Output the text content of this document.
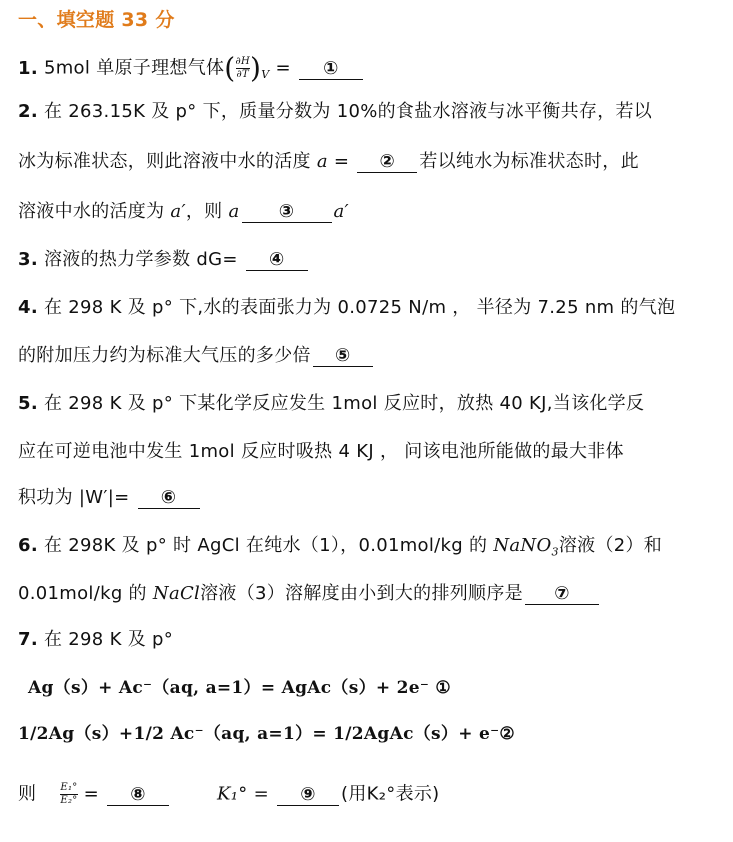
一、填空题 33 分
1. 5mol 单原子理想气体( $\frac{\partial H}{\partial T} )_V$ = ①
2. 在 263.15K 及 p° 下，质量分数为 10%的食盐水溶液与冰平衡共存，若以
冰为标准状态，则此溶液中水的活度 a = ② 若以纯水为标准状态时，此
溶液中水的活度为 a′，则 a ③ a′
3. 溶液的热力学参数 dG= ④
4. 在 298 K 及 p° 下,水的表面张力为 0.0725 N/m ， 半径为 7.25 nm 的气泡
的附加压力约为标准大气压的多少倍 ⑤
5. 在 298 K 及 p° 下某化学反应发生 1mol 反应时，放热 40 KJ,当该化学反
应在可逆电池中发生 1mol 反应时吸热 4 KJ ， 问该电池所能做的最大非体
积功为 |W′|= ⑥
6. 在 298K 及 p° 时 AgCl 在纯水（1），0.01mol/kg 的 NaNO$_3$溶液（2）和
0.01mol/kg 的 NaCl溶液（3）溶解度由小到大的排列顺序是 ⑦
7. 在 298 K 及 p°
Ag（s）+ Ac⁻（aq, a=1）= AgAc（s）+ 2e⁻ ①
1/2Ag（s）+1/2 Ac⁻（aq, a=1）= 1/2AgAc（s）+ e⁻②
则 $\frac{\text{E₁°}}{\text{E₂°}}$ = ⑧	K₁° = ⑨ (用K₂°表示)
